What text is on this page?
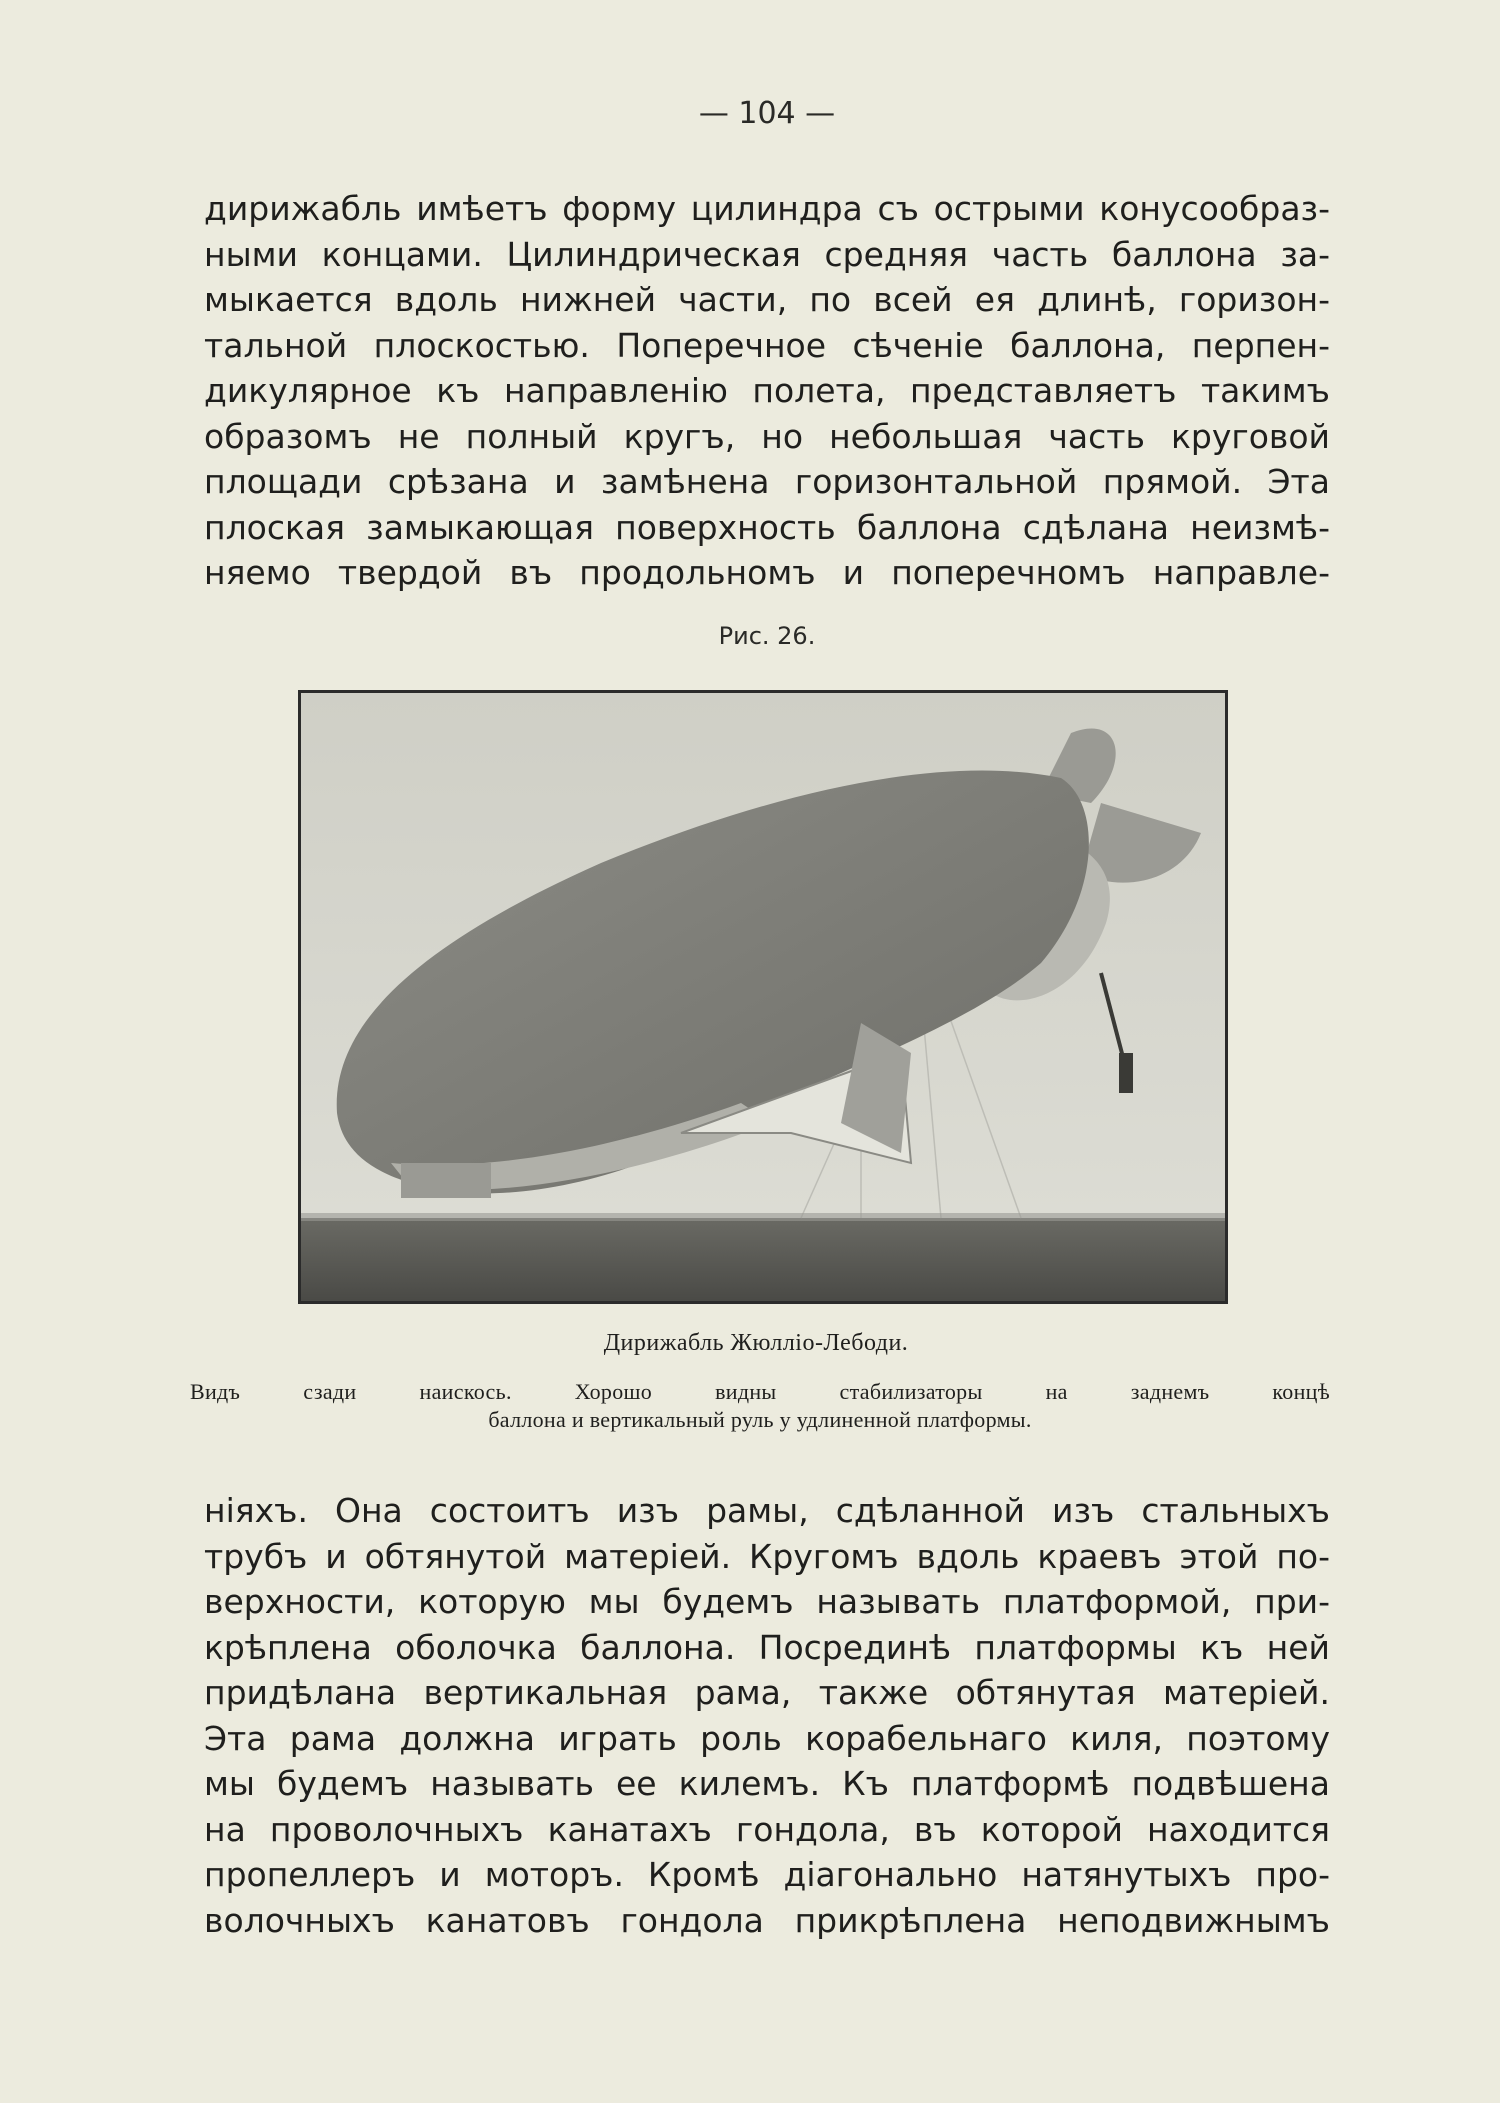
— 104 —
дирижабль имѣетъ форму цилиндра съ острыми конусообраз-
ными концами. Цилиндрическая средняя часть баллона за-
мыкается вдоль нижней части, по всей ея длинѣ, горизон-
тальной плоскостью. Поперечное сѣченіе баллона, перпен-
дикулярное къ направленію полета, представляетъ такимъ
образомъ не полный кругъ, но небольшая часть круговой
площади срѣзана и замѣнена горизонтальной прямой. Эта
плоская замыкающая поверхность баллона сдѣлана неизмѣ-
няемо твердой въ продольномъ и поперечномъ направле-
Рис. 26.
Дирижабль Жюлліо-Лебоди.
Видъ сзади наискось. Хорошо видны стабилизаторы на заднемъ концѣ
баллона и вертикальный руль у удлиненной платформы.
ніяхъ. Она состоитъ изъ рамы, сдѣланной изъ стальныхъ
трубъ и обтянутой матеріей. Кругомъ вдоль краевъ этой по-
верхности, которую мы будемъ называть платформой, при-
крѣплена оболочка баллона. Посрединѣ платформы къ ней
придѣлана вертикальная рама, также обтянутая матеріей.
Эта рама должна играть роль корабельнаго киля, поэтому
мы будемъ называть ее килемъ. Къ платформѣ подвѣшена
на проволочныхъ канатахъ гондола, въ которой находится
пропеллеръ и моторъ. Кромѣ діагонально натянутыхъ про-
волочныхъ канатовъ гондола прикрѣплена неподвижнымъ
